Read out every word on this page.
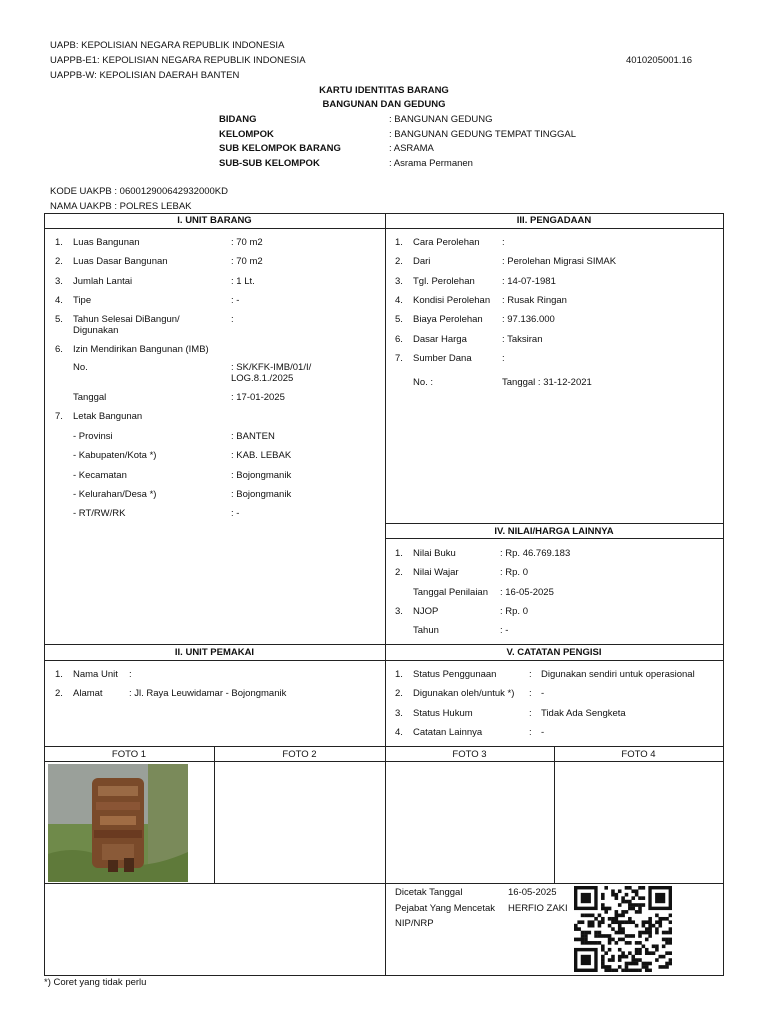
UAPB: KEPOLISIAN NEGARA REPUBLIK INDONESIA
UAPPB-E1: KEPOLISIAN NEGARA REPUBLIK INDONESIA	4010205001.16
UAPPB-W: KEPOLISIAN DAERAH BANTEN
KARTU IDENTITAS BARANG
BANGUNAN DAN GEDUNG
BIDANG	: BANGUNAN GEDUNG
KELOMPOK	: BANGUNAN GEDUNG TEMPAT TINGGAL
SUB KELOMPOK BARANG	: ASRAMA
SUB-SUB KELOMPOK	: Asrama Permanen
KODE UAKPB : 060012900642932000KD
NAMA UAKPB : POLRES LEBAK
I. UNIT BARANG	III. PENGADAAN
IV. NILAI/HARGA LAINNYA
II. UNIT PEMAKAI	V. CATATAN PENGISI
1. Luas Bangunan	: 70 m2
2. Luas Dasar Bangunan	: 70 m2
3. Jumlah Lantai	: 1 Lt.
4. Tipe	: -
5. Tahun Selesai DiBangun/ Digunakan
:
6. Izin Mendirikan Bangunan (IMB)
No.	: SK/KFK-IMB/01/I/ LOG.8.1./2025
Tanggal	: 17-01-2025
7. Letak Bangunan
- Provinsi	: BANTEN
- Kabupaten/Kota *)	: KAB. LEBAK
- Kecamatan	: Bojongmanik
- Kelurahan/Desa *)	: Bojongmanik
- RT/RW/RK	: -
1. Cara Perolehan :
2. Dari	: Perolehan Migrasi SIMAK
3. Tgl. Perolehan	: 14-07-1981
4. Kondisi Perolehan : Rusak Ringan
5. Biaya Perolehan : 97.136.000
6. Dasar Harga	: Taksiran
7. Sumber Dana	:
No. :	Tanggal : 31-12-2021
1. Nilai Buku	: Rp. 46.769.183
2. Nilai Wajar	: Rp. 0
Tanggal Penilaian : 16-05-2025
3. NJOP	: Rp. 0
Tahun	: -
1. Nama Unit :
2. Alamat	: Jl. Raya Leuwidamar - Bojongmanik
1. Status Penggunaan	: Digunakan sendiri untuk operasional
2. Digunakan oleh/untuk *) : -
3. Status Hukum	: Tidak Ada Sengketa
4. Catatan Lainnya	: -
FOTO 1	FOTO 2	FOTO 3	FOTO 4
Dicetak Tanggal	16-05-2025
Pejabat Yang Mencetak HERFIO ZAKI
NIP/NRP
*) Coret yang tidak perlu
